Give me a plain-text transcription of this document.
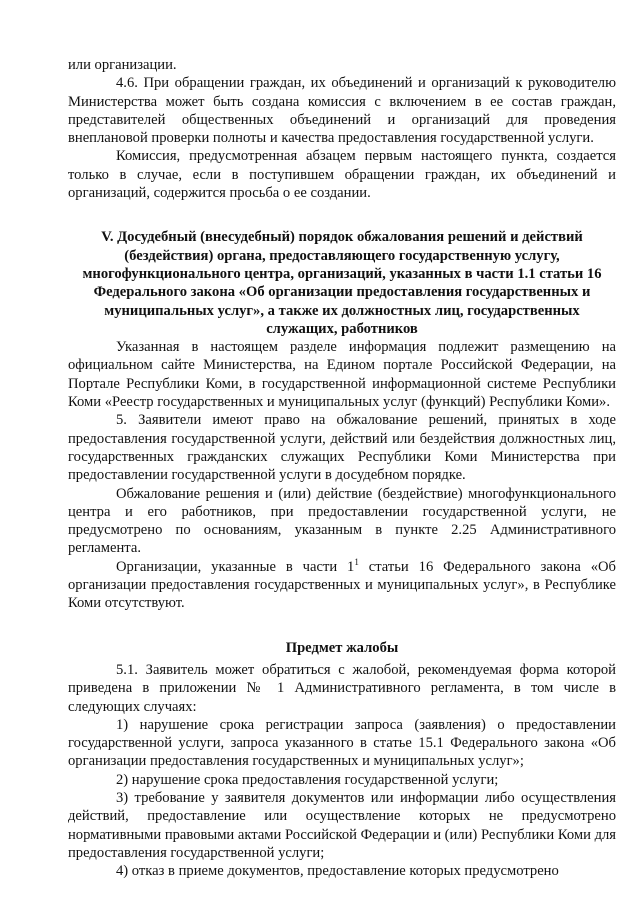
или организации.

4.6. При обращении граждан, их объединений и организаций к руководителю Министерства может быть создана комиссия с включением в ее состав граждан, представителей общественных объединений и организаций для проведения внеплановой проверки полноты и качества предоставления государственной услуги.

Комиссия, предусмотренная абзацем первым настоящего пункта, создается только в случае, если в поступившем обращении граждан, их объединений и организаций, содержится просьба о ее создании.

V. Досудебный (внесудебный) порядок обжалования решений и действий (бездействия) органа, предоставляющего государственную услугу, многофункционального центра, организаций, указанных в части 1.1 статьи 16 Федерального закона «Об организации предоставления государственных и муниципальных услуг», а также их должностных лиц, государственных служащих, работников

Указанная в настоящем разделе информация подлежит размещению на официальном сайте Министерства, на Едином портале Российской Федерации, на Портале Республики Коми, в государственной информационной системе Республики Коми «Реестр государственных и муниципальных услуг (функций) Республики Коми».

5. Заявители имеют право на обжалование решений, принятых в ходе предоставления государственной услуги, действий или бездействия должностных лиц, государственных гражданских служащих Республики Коми Министерства при предоставлении государственной услуги в досудебном порядке.

Обжалование решения и (или) действие (бездействие) многофункционального центра и его работников, при предоставлении государственной услуги, не предусмотрено по основаниям, указанным в пункте 2.25 Административного регламента.

Организации, указанные в части $1^1$ статьи 16 Федерального закона «Об организации предоставления государственных и муниципальных услуг», в Республике Коми отсутствуют.

Предмет жалобы

5.1. Заявитель может обратиться с жалобой, рекомендуемая форма которой приведена в приложении № 1 Административного регламента, в том числе в следующих случаях:

1) нарушение срока регистрации запроса (заявления) о предоставлении государственной услуги, запроса указанного в статье 15.1 Федерального закона «Об организации предоставления государственных и муниципальных услуг»;

2) нарушение срока предоставления государственной услуги;

3) требование у заявителя документов или информации либо осуществления действий, предоставление или осуществление которых не предусмотрено нормативными правовыми актами Российской Федерации и (или) Республики Коми для предоставления государственной услуги;

4) отказ в приеме документов, предоставление которых предусмотрено
